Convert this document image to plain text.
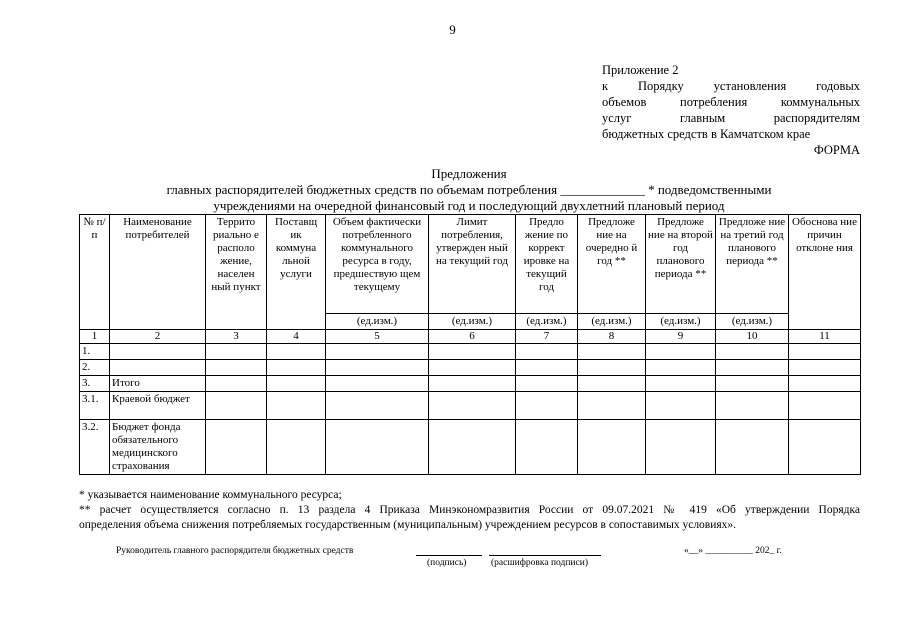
9
Приложение 2
к Порядку установления годовых
объемов потребления коммунальных
услуг главным распорядителям
бюджетных средств в Камчатском крае
ФОРМА
Предложения
главных распорядителей бюджетных средств по объемам потребления _____________ * подведомственными
учреждениями на очередной финансовый год и последующий двухлетний плановый период
№ п/п	Наименование потребителей	Террито риально е располо жение, населен ный пункт	Поставщ ик коммуна льной услуги	Объем фактически потребленного коммунального ресурса в году, предшествую щем текущему	Лимит потребления, утвержден ный на текущий год	Предло жение по коррект ировке на текущий год	Предложе ние на очередно й год **	Предложе ние на второй год планового периода **	Предложе ние на третий год планового периода **	Обоснова ние причин отклоне ния
				(ед.изм.)	(ед.изм.)	(ед.изм.)	(ед.изм.)	(ед.изм.)	(ед.изм.)	
1	2	3	4	5	6	7	8	9	10	11
1.										
2.										
3.	Итого									
3.1.	Краевой бюджет									
3.2.	Бюджет фонда обязательного медицинского страхования									
* указывается наименование коммунального ресурса;
** расчет осуществляется согласно п. 13 раздела 4 Приказа Минэкономразвития России от 09.07.2021 № 419 «Об утверждении Порядка
определения объема снижения потребляемых государственным (муниципальным) учреждением ресурсов в сопоставимых условиях».
Руководитель главного распорядителя бюджетных средств
(подпись)	(расшифровка подписи)
«__» __________ 202_ г.
